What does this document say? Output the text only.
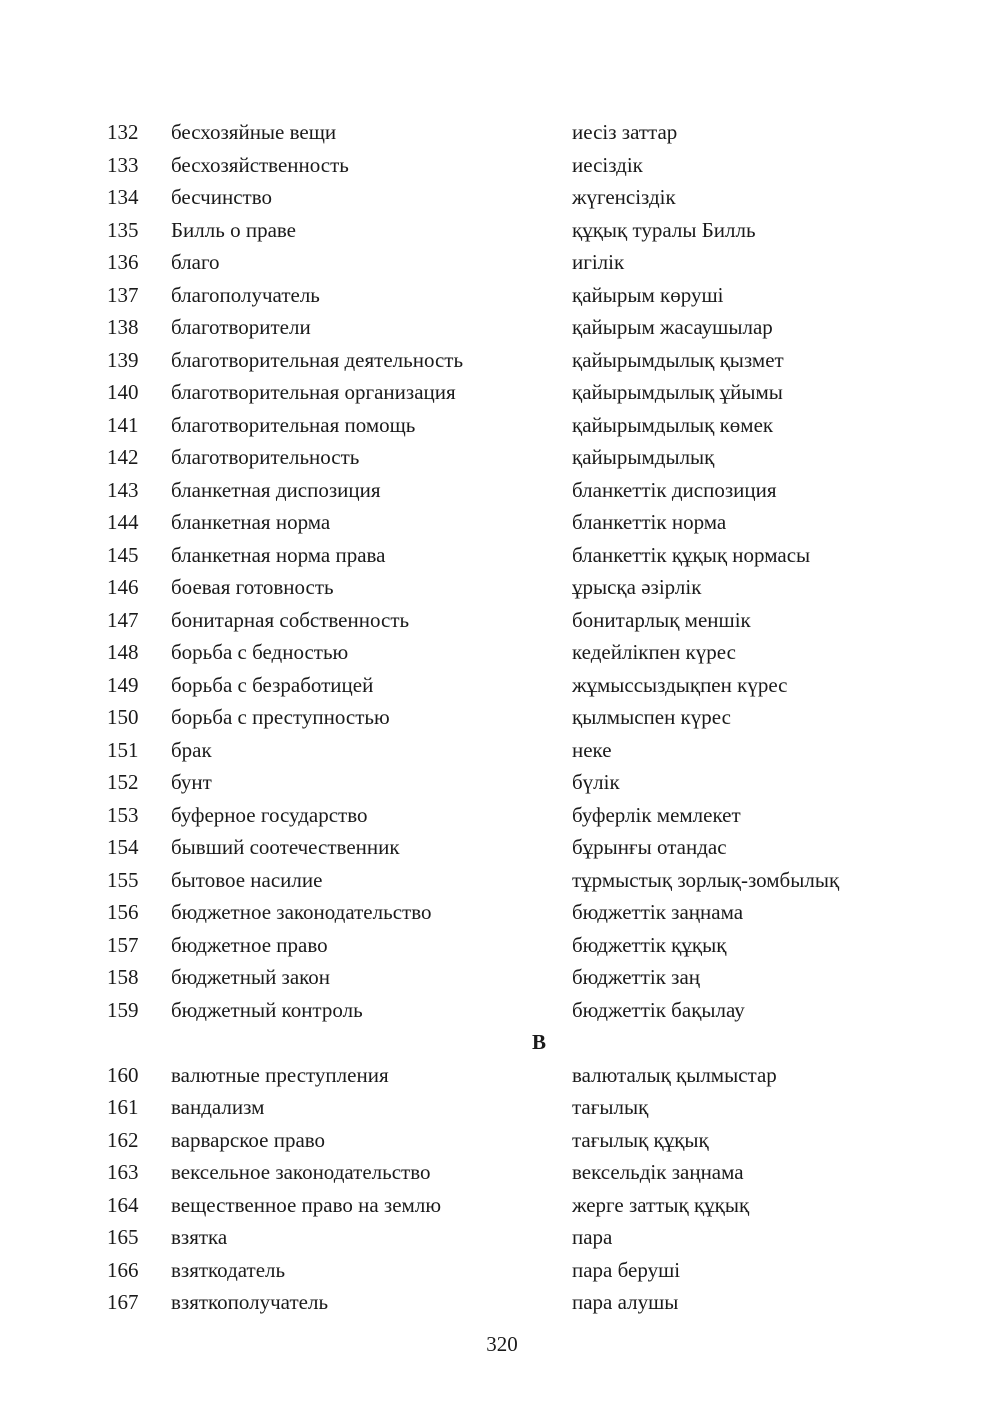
132 бесхозяйные вещи	иесіз заттар
133 бесхозяйственность	иесіздік
134 бесчинство	жүгенсіздік
135 Билль о праве	құқық туралы Билль
136 благо	игілік
137 благополучатель	қайырым көруші
138 благотворители	қайырым жасаушылар
139 благотворительная деятельность	қайырымдылық қызмет
140 благотворительная организация	қайырымдылық ұйымы
141 благотворительная помощь	қайырымдылық көмек
142 благотворительность	қайырымдылық
143 бланкетная диспозиция	бланкеттік диспозиция
144 бланкетная норма	бланкеттік норма
145 бланкетная норма права	бланкеттік құқық нормасы
146 боевая готовность	ұрысқа әзірлік
147 бонитарная собственность	бонитарлық меншік
148 борьба с бедностью	кедейлікпен күрес
149 борьба с безработицей	жұмыссыздықпен күрес
150 борьба с преступностью	қылмыспен күрес
151 брак	неке
152 бунт	бүлік
153 буферное государство	буферлік мемлекет
154 бывший соотечественник	бұрынғы отандас
155 бытовое насилие	тұрмыстық зорлық-зомбылық
156 бюджетное законодательство	бюджеттік заңнама
157 бюджетное право	бюджеттік құқық
158 бюджетный закон	бюджеттік заң
159 бюджетный контроль	бюджеттік бақылау
В
160 валютные преступления	валюталық қылмыстар
161 вандализм	тағылық
162 варварское право	тағылық құқық
163 вексельное законодательство	вексельдік заңнама
164 вещественное право на землю	жерге заттық құқық
165 взятка	пара
166 взяткодатель	пара беруші
167 взяткополучатель	пара алушы
320
